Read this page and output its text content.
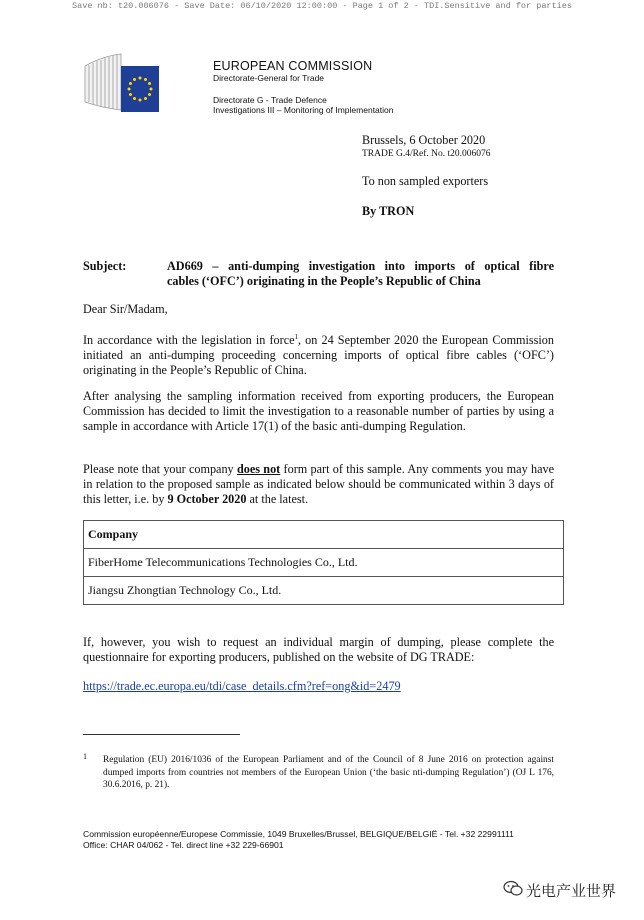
Save nb: t20.006076 - Save Date: 06/10/2020 12:00:00 - Page 1 of 2 - TDI.Sensitive and for parties
EUROPEAN COMMISSION
Directorate-General for Trade
Directorate G - Trade Defence
Investigations III – Monitoring of Implementation
Brussels, 6 October 2020
TRADE G.4/Ref. No. t20.006076
To non sampled exporters
By TRON
Subject:	AD669 – anti-dumping investigation into imports of optical fibre
cables (‘OFC’) originating in the People’s Republic of China
Dear Sir/Madam,
In accordance with the legislation in force$^1$, on 24 September 2020 the European Commission initiated an anti-dumping proceeding concerning imports of optical fibre cables (‘OFC’) originating in the People’s Republic of China.
After analysing the sampling information received from exporting producers, the European Commission has decided to limit the investigation to a reasonable number of parties by using a sample in accordance with Article 17(1) of the basic anti-dumping Regulation.
Please note that your company does not form part of this sample. Any comments you may have in relation to the proposed sample as indicated below should be communicated within 3 days of this letter, i.e. by 9 October 2020 at the latest.
Company
FiberHome Telecommunications Technologies Co., Ltd.
Jiangsu Zhongtian Technology Co., Ltd.
If, however, you wish to request an individual margin of dumping, please complete the questionnaire for exporting producers, published on the website of DG TRADE:
https://trade.ec.europa.eu/tdi/case_details.cfm?ref=ong&id=2479
1 Regulation (EU) 2016/1036 of the European Parliament and of the Council of 8 June 2016 on protection against dumped imports from countries not members of the European Union (‘the basic nti-dumping Regulation’) (OJ L 176, 30.6.2016, p. 21).
Commission européenne/Europese Commissie, 1049 Bruxelles/Brussel, BELGIQUE/BELGIË - Tel. +32 22991111
Office: CHAR 04/062 - Tel. direct line +32 229-66901
光电产业世界
